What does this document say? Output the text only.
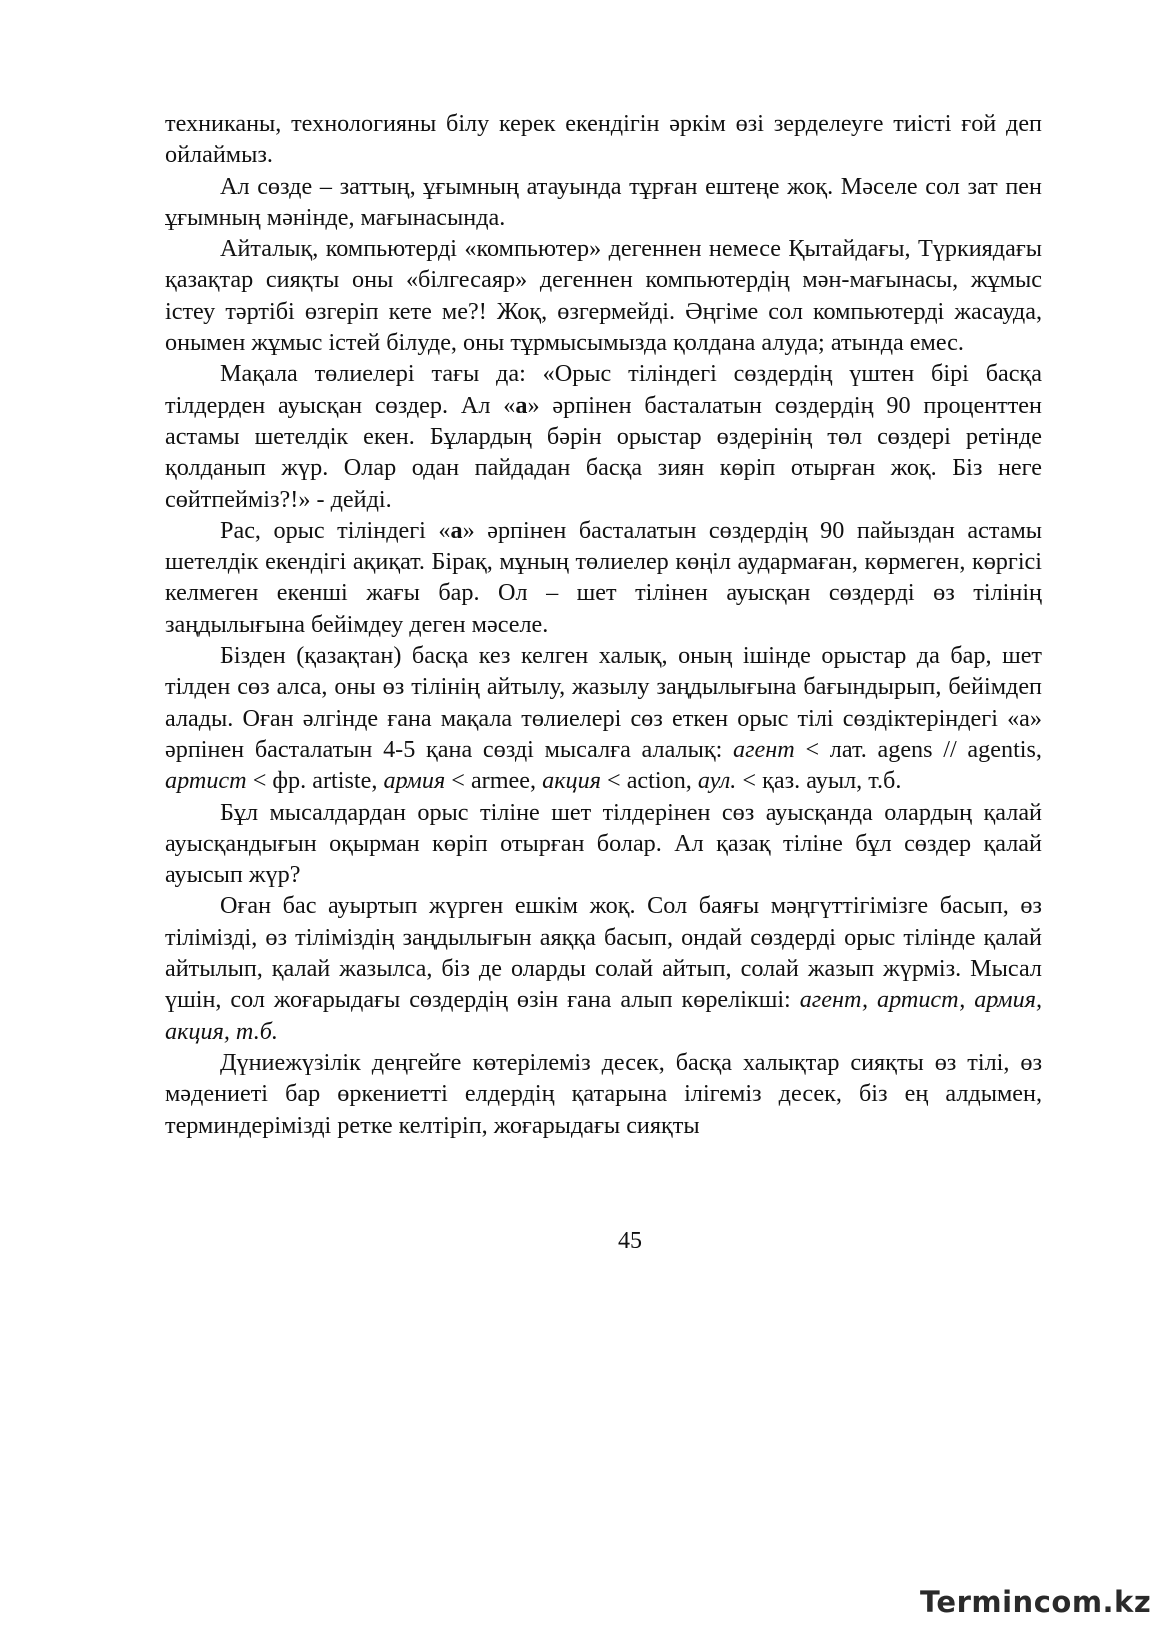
техниканы, технологияны білу керек екендігін әркім өзі зерделеуге тиісті ғой деп ойлаймыз.

Ал сөзде – заттың, ұғымның атауында тұрған ештеңе жоқ. Мәселе сол зат пен ұғымның мәнінде, мағынасында.

Айталық, компьютерді «компьютер» дегеннен немесе Қытайдағы, Түркиядағы қазақтар сияқты оны «білгесаяр» дегеннен компьютердің мән-мағынасы, жұмыс істеу тәртібі өзгеріп кете ме?! Жоқ, өзгермейді. Әңгіме сол компьютерді жасауда, онымен жұмыс істей білуде, оны тұрмысымызда қолдана алуда; атында емес.

Мақала төлиелері тағы да: «Орыс тіліндегі сөздердің үштен бірі басқа тілдерден ауысқан сөздер. Ал «а» әрпінен басталатын сөздердің 90 проценттен астамы шетелдік екен. Бұлардың бәрін орыстар өздерінің төл сөздері ретінде қолданып жүр. Олар одан пайдадан басқа зиян көріп отырған жоқ. Біз неге сөйтпейміз?!» - дейді.

Рас, орыс тіліндегі «а» әрпінен басталатын сөздердің 90 пайыздан астамы шетелдік екендігі ақиқат. Бірақ, мұның төлиелер көңіл аудармаған, көрмеген, көргісі келмеген екенші жағы бар. Ол – шет тілінен ауысқан сөздерді өз тілінің заңдылығына бейімдеу деген мәселе.

Бізден (қазақтан) басқа кез келген халық, оның ішінде орыстар да бар, шет тілден сөз алса, оны өз тілінің айтылу, жазылу заңдылығына бағындырып, бейімдеп алады. Оған әлгінде ғана мақала төлиелері сөз еткен орыс тілі сөздіктеріндегі «а» әрпінен басталатын 4-5 қана сөзді мысалға алалық: агент < лат. agens // agentis, артист < фр. artiste, армия < armee, акция < action, аул. < қаз. ауыл, т.б.

Бұл мысалдардан орыс тіліне шет тілдерінен сөз ауысқанда олардың қалай ауысқандығын оқырман көріп отырған болар. Ал қазақ тіліне бұл сөздер қалай ауысып жүр?

Оған бас ауыртып жүрген ешкім жоқ. Сол баяғы мәңгүттігімізге басып, өз тілімізді, өз тіліміздің заңдылығын аяққа басып, ондай сөздерді орыс тілінде қалай айтылып, қалай жазылса, біз де оларды солай айтып, солай жазып жүрміз. Мысал үшін, сол жоғарыдағы сөздердің өзін ғана алып көрелікші: агент, артист, армия, акция, т.б.

Дүниежүзілік деңгейге көтерілеміз десек, басқа халықтар сияқты өз тілі, өз мәдениеті бар өркениетті елдердің қатарына ілігеміз десек, біз ең алдымен, терминдерімізді ретке келтіріп, жоғарыдағы сияқты

45
Termincom.kz
